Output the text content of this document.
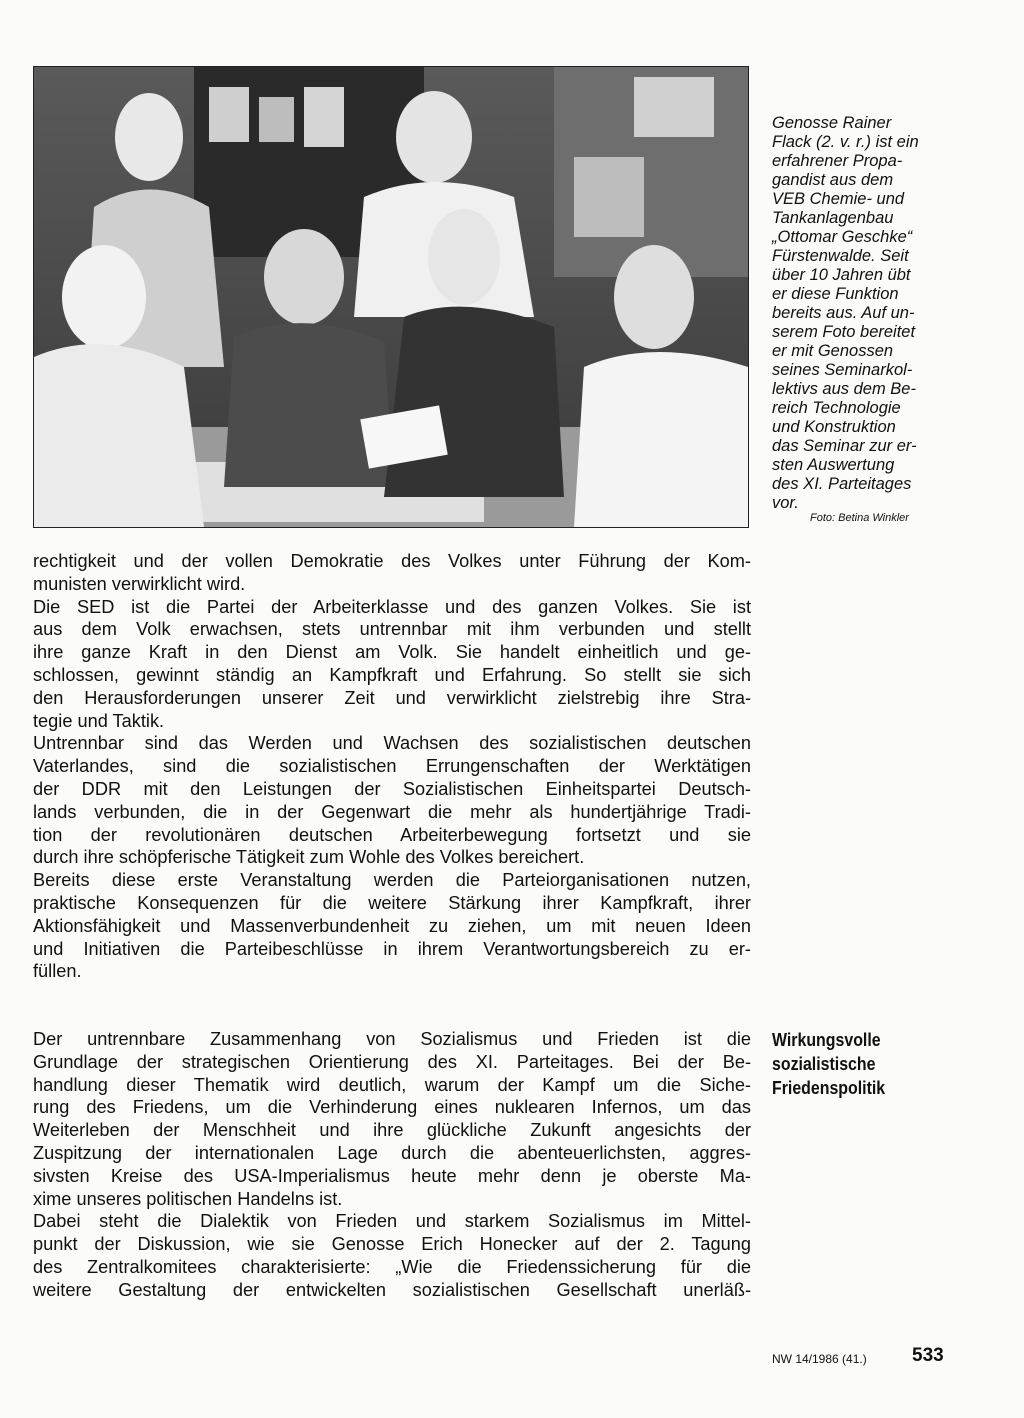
Genosse Rainer
Flack (2. v. r.) ist ein
erfahrener Propa-
gandist aus dem
VEB Chemie- und
Tankanlagenbau
„Ottomar Geschke“
Fürstenwalde. Seit
über 10 Jahren übt
er diese Funktion
bereits aus. Auf un-
serem Foto bereitet
er mit Genossen
seines Seminarkol-
lektivs aus dem Be-
reich Technologie
und Konstruktion
das Seminar zur er-
sten Auswertung
des XI. Parteitages
vor.
Foto: Betina Winkler
rechtigkeit und der vollen Demokratie des Volkes unter Führung der Kom-
munisten verwirklicht wird.
Die SED ist die Partei der Arbeiterklasse und des ganzen Volkes. Sie ist
aus dem Volk erwachsen, stets untrennbar mit ihm verbunden und stellt
ihre ganze Kraft in den Dienst am Volk. Sie handelt einheitlich und ge-
schlossen, gewinnt ständig an Kampfkraft und Erfahrung. So stellt sie sich
den Herausforderungen unserer Zeit und verwirklicht zielstrebig ihre Stra-
tegie und Taktik.
Untrennbar sind das Werden und Wachsen des sozialistischen deutschen
Vaterlandes, sind die sozialistischen Errungenschaften der Werktätigen
der DDR mit den Leistungen der Sozialistischen Einheitspartei Deutsch-
lands verbunden, die in der Gegenwart die mehr als hundertjährige Tradi-
tion der revolutionären deutschen Arbeiterbewegung fortsetzt und sie
durch ihre schöpferische Tätigkeit zum Wohle des Volkes bereichert.
Bereits diese erste Veranstaltung werden die Parteiorganisationen nutzen,
praktische Konsequenzen für die weitere Stärkung ihrer Kampfkraft, ihrer
Aktionsfähigkeit und Massenverbundenheit zu ziehen, um mit neuen Ideen
und Initiativen die Parteibeschlüsse in ihrem Verantwortungsbereich zu er-
füllen.
Wirkungsvolle
sozialistische
Friedenspolitik
Der untrennbare Zusammenhang von Sozialismus und Frieden ist die
Grundlage der strategischen Orientierung des XI. Parteitages. Bei der Be-
handlung dieser Thematik wird deutlich, warum der Kampf um die Siche-
rung des Friedens, um die Verhinderung eines nuklearen Infernos, um das
Weiterleben der Menschheit und ihre glückliche Zukunft angesichts der
Zuspitzung der internationalen Lage durch die abenteuerlichsten, aggres-
sivsten Kreise des USA-Imperialismus heute mehr denn je oberste Ma-
xime unseres politischen Handelns ist.
Dabei steht die Dialektik von Frieden und starkem Sozialismus im Mittel-
punkt der Diskussion, wie sie Genosse Erich Honecker auf der 2. Tagung
des Zentralkomitees charakterisierte: „Wie die Friedenssicherung für die
weitere Gestaltung der entwickelten sozialistischen Gesellschaft unerläß-
NW 14/1986 (41.) 533
